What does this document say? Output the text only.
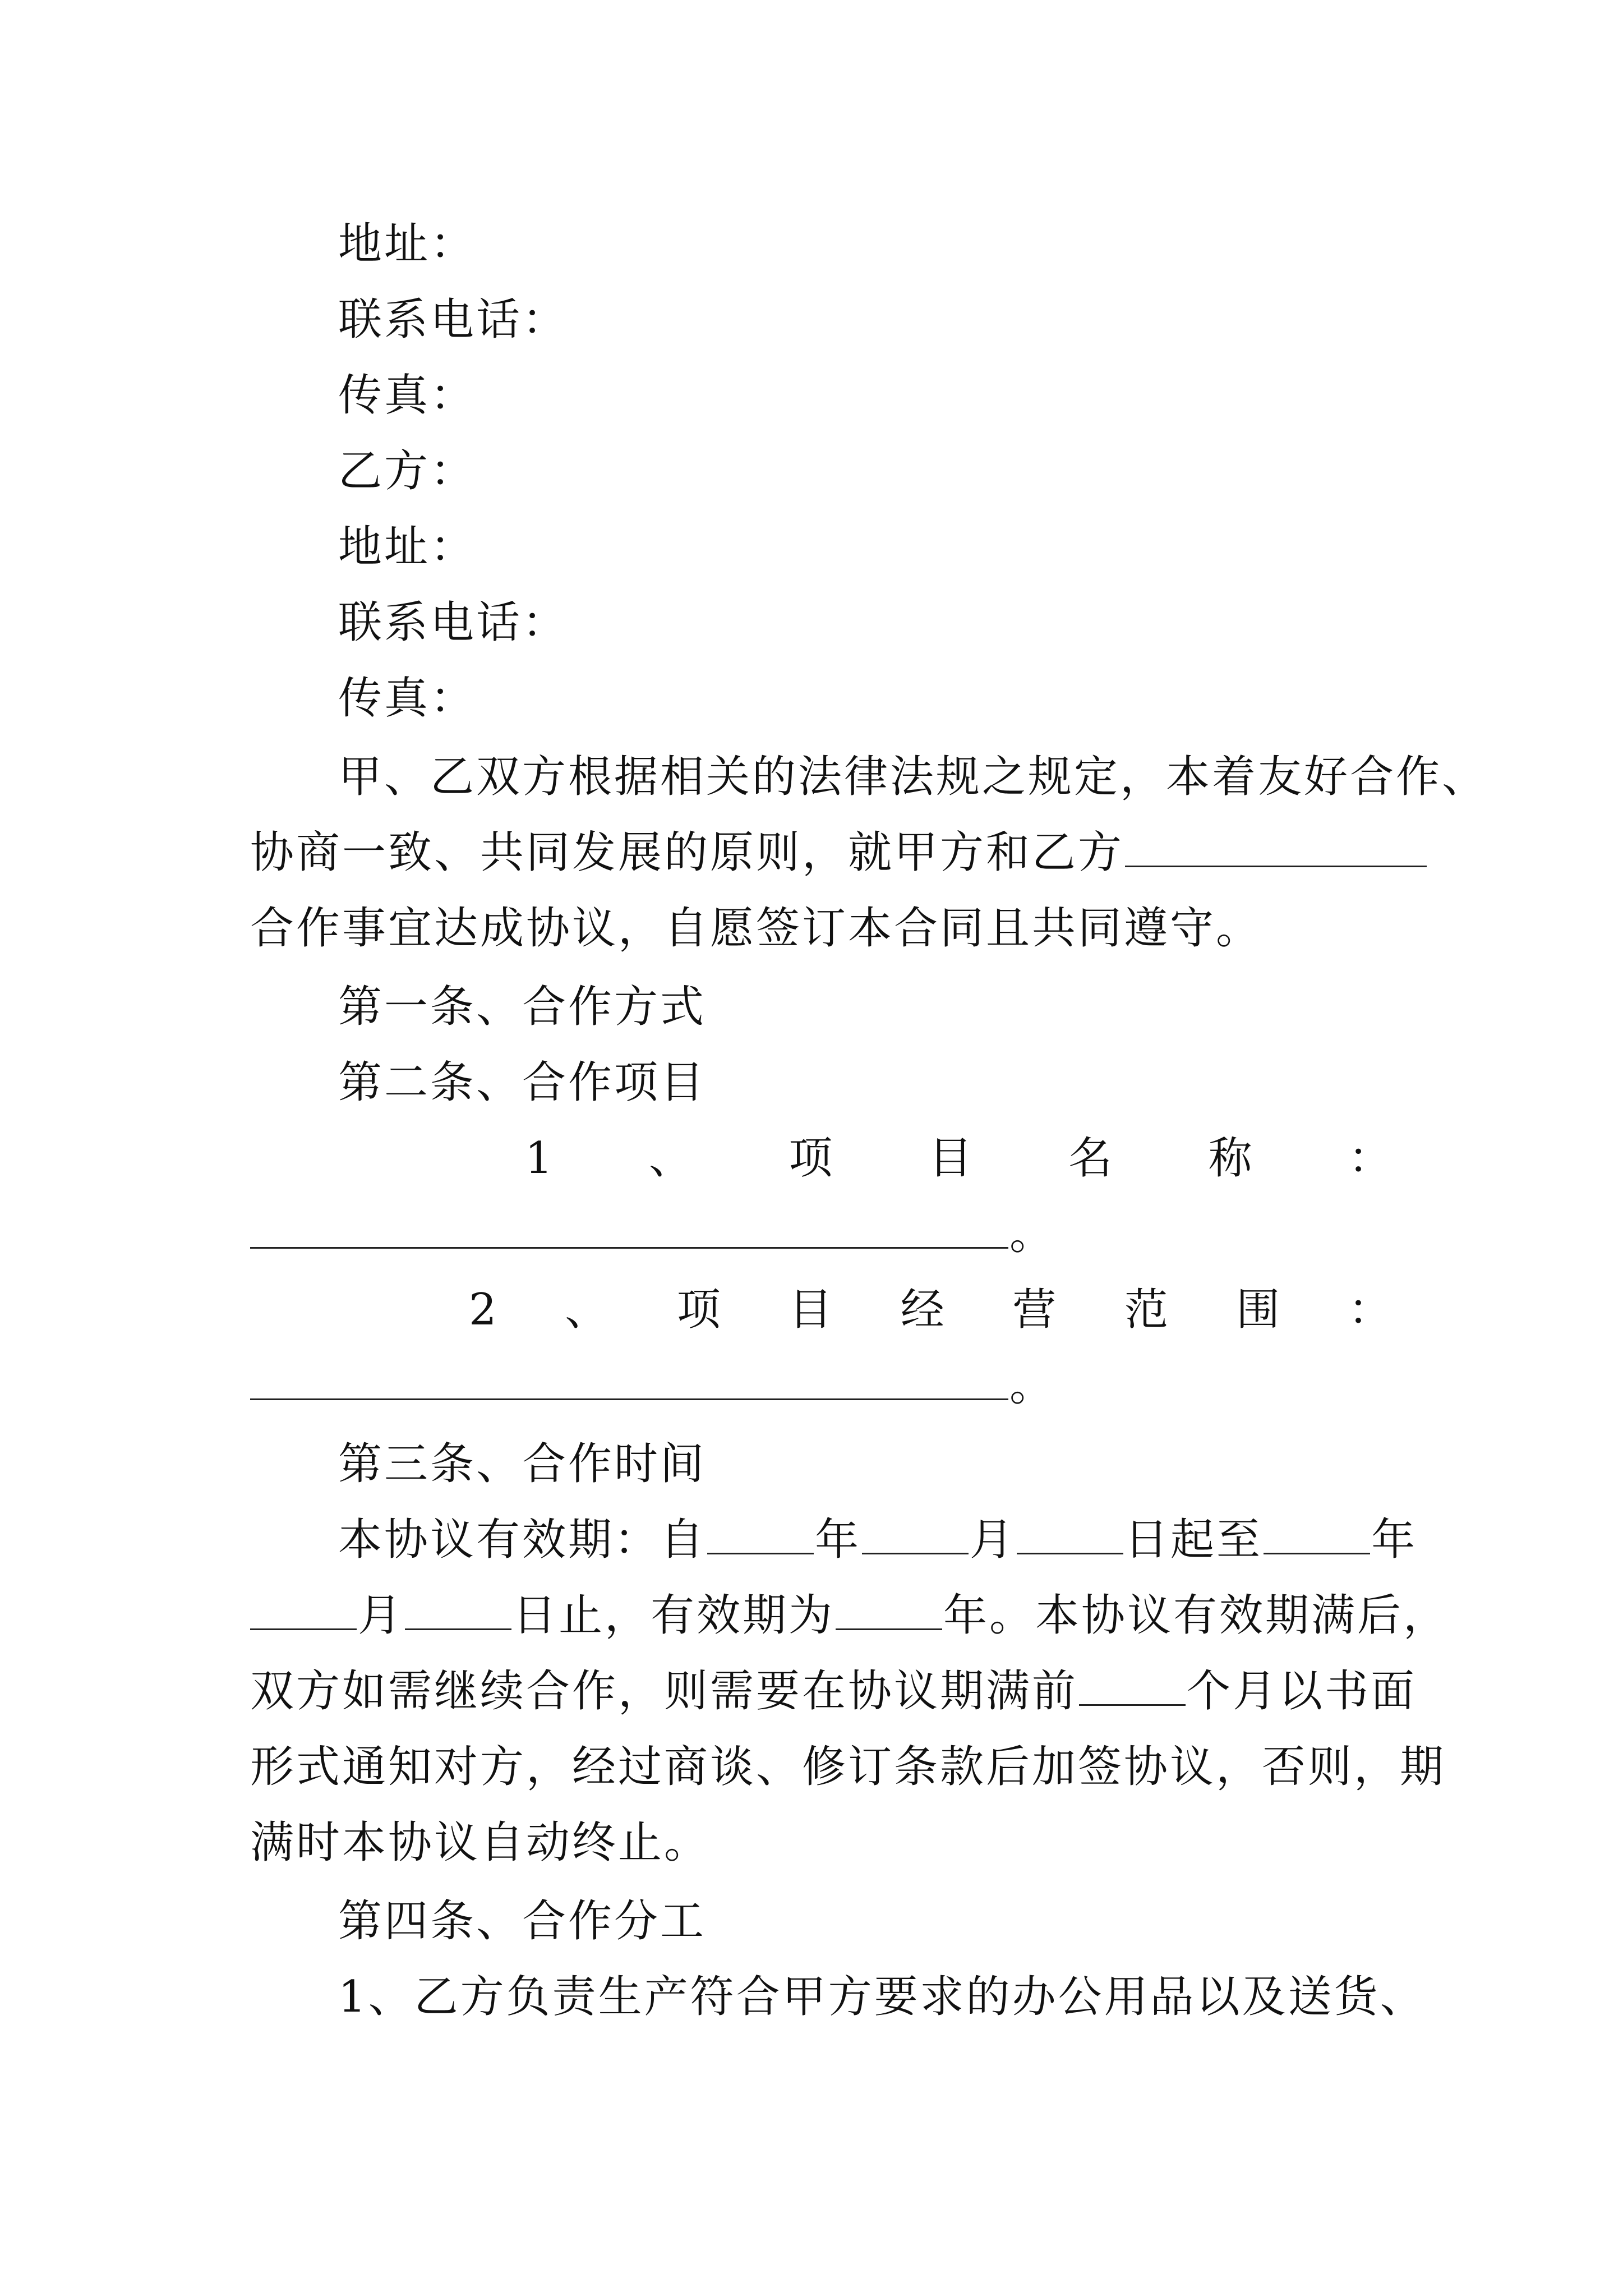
地址：
联系电话：
传真：
乙方：
地址：
联系电话：
传真：
甲、乙双方根据相关的法律法规之规定，本着友好合作、
协商一致、共同发展的原则，就甲方和乙方
合作事宜达成协议，自愿签订本合同且共同遵守。
第一条、合作方式
第二条、合作项目
1 、 项 目 名 称 ：
。
2 、 项 目 经 营 范 围 ：
。
第三条、合作时间
本协议有效期：自 年 月 日起至 年
月 日止，有效期为 年。本协议有效期满后，
双方如需继续合作，则需要在协议期满前 个月以书面
形式通知对方，经过商谈、修订条款后加签协议，否则，期
满时本协议自动终止。
第四条、合作分工
1、乙方负责生产符合甲方要求的办公用品以及送货、
